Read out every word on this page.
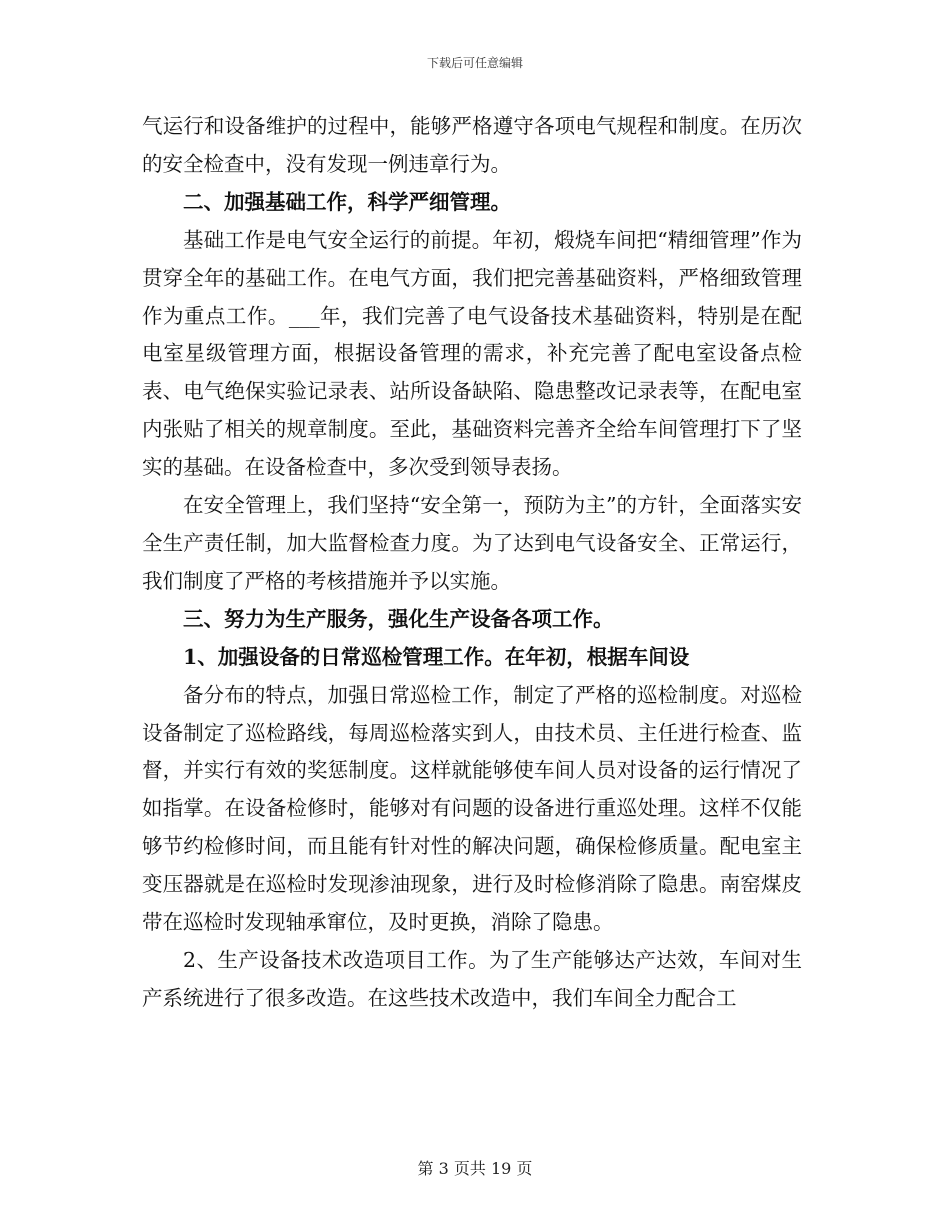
下载后可任意编辑

气运行和设备维护的过程中，能够严格遵守各项电气规程和制度。在历次的安全检查中，没有发现一例违章行为。

二、加强基础工作，科学严细管理。

基础工作是电气安全运行的前提。年初，煅烧车间把“精细管理”作为贯穿全年的基础工作。在电气方面，我们把完善基础资料，严格细致管理作为重点工作。___年，我们完善了电气设备技术基础资料，特别是在配电室星级管理方面，根据设备管理的需求，补充完善了配电室设备点检表、电气绝保实验记录表、站所设备缺陷、隐患整改记录表等，在配电室内张贴了相关的规章制度。至此，基础资料完善齐全给车间管理打下了坚实的基础。在设备检查中，多次受到领导表扬。

在安全管理上，我们坚持“安全第一，预防为主”的方针，全面落实安全生产责任制，加大监督检查力度。为了达到电气设备安全、正常运行，我们制度了严格的考核措施并予以实施。

三、努力为生产服务，强化生产设备各项工作。

1、加强设备的日常巡检管理工作。在年初，根据车间设

备分布的特点，加强日常巡检工作，制定了严格的巡检制度。对巡检设备制定了巡检路线，每周巡检落实到人，由技术员、主任进行检查、监督，并实行有效的奖惩制度。这样就能够使车间人员对设备的运行情况了如指掌。在设备检修时，能够对有问题的设备进行重巡处理。这样不仅能够节约检修时间，而且能有针对性的解决问题，确保检修质量。配电室主变压器就是在巡检时发现渗油现象，进行及时检修消除了隐患。南窑煤皮带在巡检时发现轴承窜位，及时更换，消除了隐患。

2、生产设备技术改造项目工作。为了生产能够达产达效，车间对生产系统进行了很多改造。在这些技术改造中，我们车间全力配合工

第 3 页共 19 页
